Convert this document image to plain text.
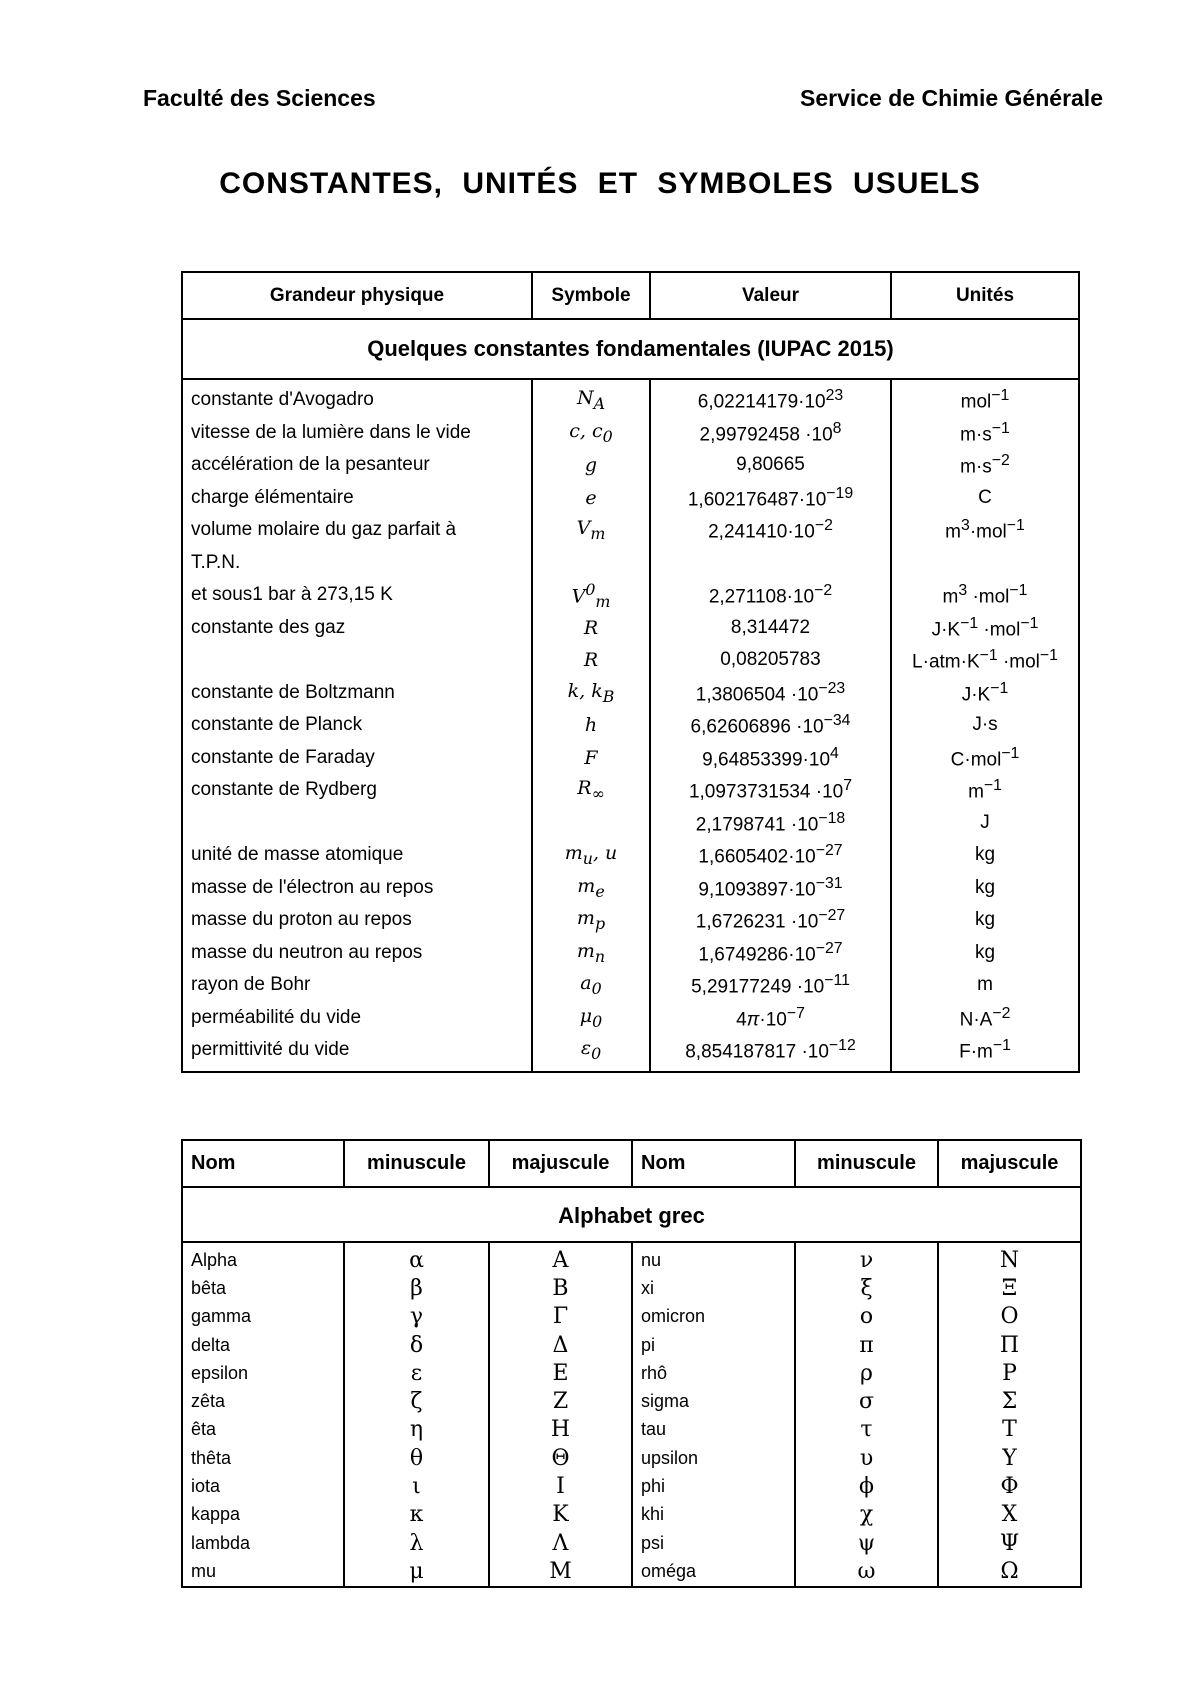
Faculté des Sciences	Service de Chimie Générale
CONSTANTES, UNITÉS ET SYMBOLES USUELS
Quelques constantes fondamentales (IUPAC 2015)			
Grandeur physique	Symbole	Valeur	Unités
constante d'Avogadro	$N_A$	$6,02214179\cdot 10^{23}$	mol$^{-1}$
vitesse de la lumière dans le vide	c, $c_0$	$2,99792458 \cdot 10^8$	$m\cdot s^{-1}$
accélération de la pesanteur	g	9,80665	$m\cdot s^{-2}$
charge élémentaire	e	$1,602176487\cdot 10^{-19}$	C
volume molaire du gaz parfait à	$V_m$	$2,241410\cdot 10^{-2}$	$m^3\cdot mol^{-1}$
T.P.N.			
et sous1 bar à 273,15 K	$V^0_m$	$2,271108\cdot 10^{-2}$	$m^3 \cdot mol^{-1}$
constante des gaz	R	8,314472	$J\cdot K^{-1} \cdot mol^{-1}$
	R	0,08205783	$L\cdot atm\cdot K^{-1} \cdot mol^{-1}$
constante de Boltzmann	k, $k_B$	$1,3806504 \cdot 10^{-23}$	$J\cdot K^{-1}$
constante de Planck	h	$6,62606896 \cdot 10^{-34}$	J·s
constante de Faraday	F	$9,64853399\cdot 10^4$	C·mol$^{-1}$
constante de Rydberg	$R_\infty$	$1,0973731534 \cdot 10^7$	$m^{-1}$
		$2,1798741 \cdot 10^{-18}$	J
unité de masse atomique	$m_u$, u	$1,6605402\cdot 10^{-27}$	kg
masse de l'électron au repos	$m_e$	$9,1093897\cdot 10^{-31}$	kg
masse du proton au repos	$m_p$	$1,6726231 \cdot 10^{-27}$	kg
masse du neutron au repos	$m_n$	$1,6749286\cdot 10^{-27}$	kg
rayon de Bohr	$a_0$	$5,29177249 \cdot 10^{-11}$	m
perméabilité du vide	$\mu_0$	$4\pi\cdot 10^{-7}$	$N\cdot A^{-2}$
permittivité du vide	$\varepsilon_0$	$8,854187817 \cdot 10^{-12}$	$F\cdot m^{-1}$
Alphabet grec					
Nom	minuscule	majuscule	Nom	minuscule	majuscule
Alpha	α	Α	nu	ν	Ν
bêta	β	Β	xi	ξ	Ξ
gamma	γ	Γ	omicron	ο	Ο
delta	δ	Δ	pi	π	Π
epsilon	ε	Ε	rhô	ρ	Ρ
zêta	ζ	Ζ	sigma	σ	Σ
êta	η	Η	tau	τ	Τ
thêta	θ	Θ	upsilon	υ	Υ
iota	ι	Ι	phi	ϕ	Φ
kappa	κ	Κ	khi	χ	Χ
lambda	λ	Λ	psi	ψ	Ψ
mu	μ	Μ	oméga	ω	Ω
